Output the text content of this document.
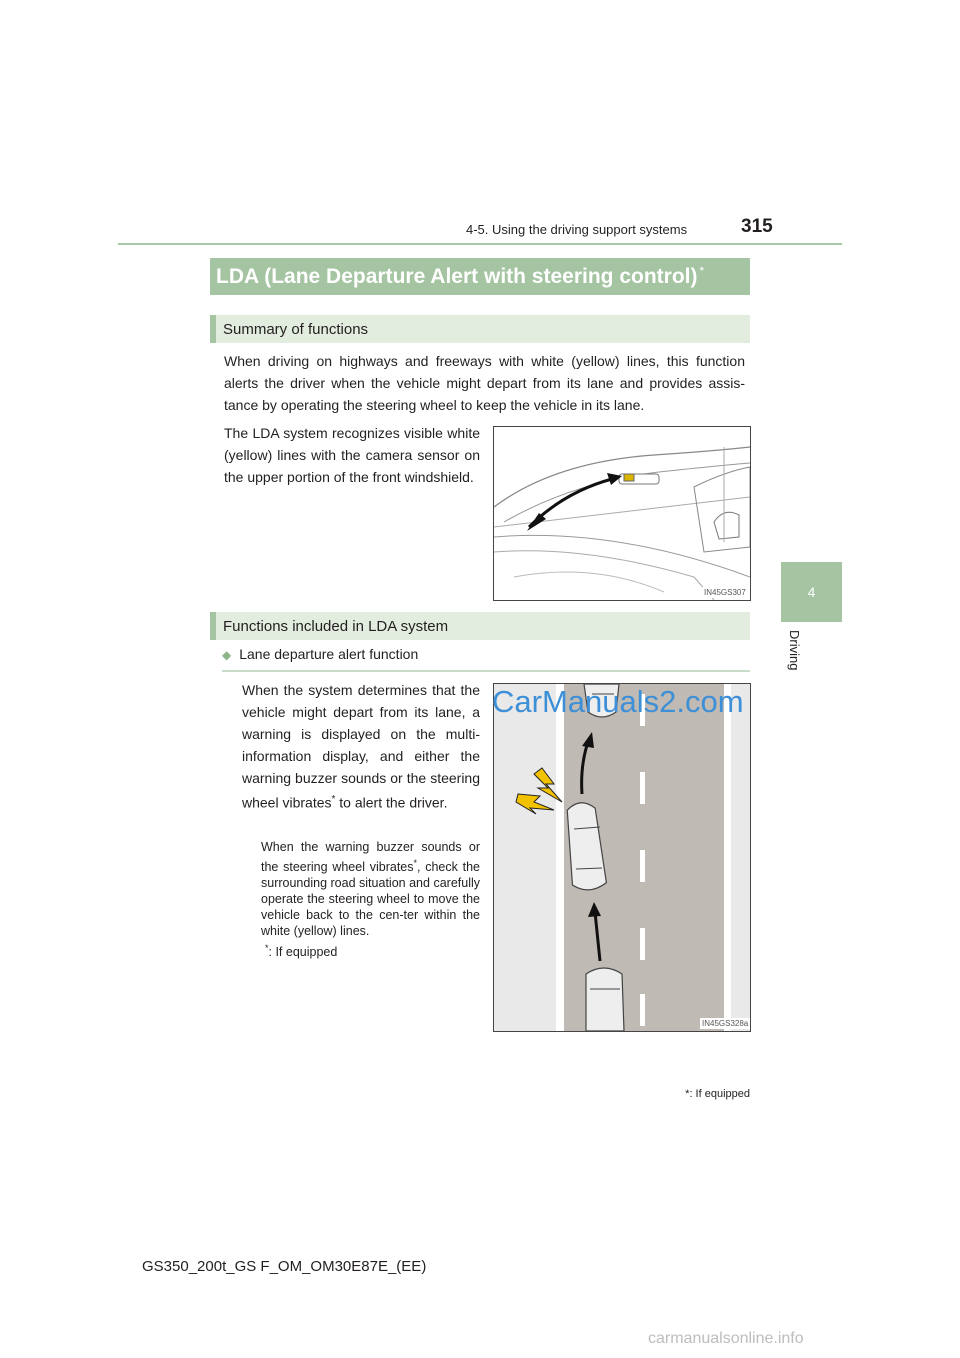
4-5. Using the driving support systems	315
4
Driving
LDA (Lane Departure Alert with steering control)*
Summary of functions
When driving on highways and freeways with white (yellow) lines, this function alerts the driver when the vehicle might depart from its lane and provides assis-tance by operating the steering wheel to keep the vehicle in its lane.
The LDA system recognizes visible white (yellow) lines with the camera sensor on the upper portion of the front windshield.
IN45GS307
Functions included in LDA system
◆ Lane departure alert function
When the system determines that the vehicle might depart from its lane, a warning is displayed on the multi-information display, and either the warning buzzer sounds or the steering wheel vibrates* to alert the driver.
When the warning buzzer sounds or the steering wheel vibrates*, check the surrounding road situation and carefully operate the steering wheel to move the vehicle back to the cen-ter within the white (yellow) lines.
*: If equipped
IN45GS328a
CarManuals2.com
*: If equipped
GS350_200t_GS F_OM_OM30E87E_(EE)
carmanualsonline.info
